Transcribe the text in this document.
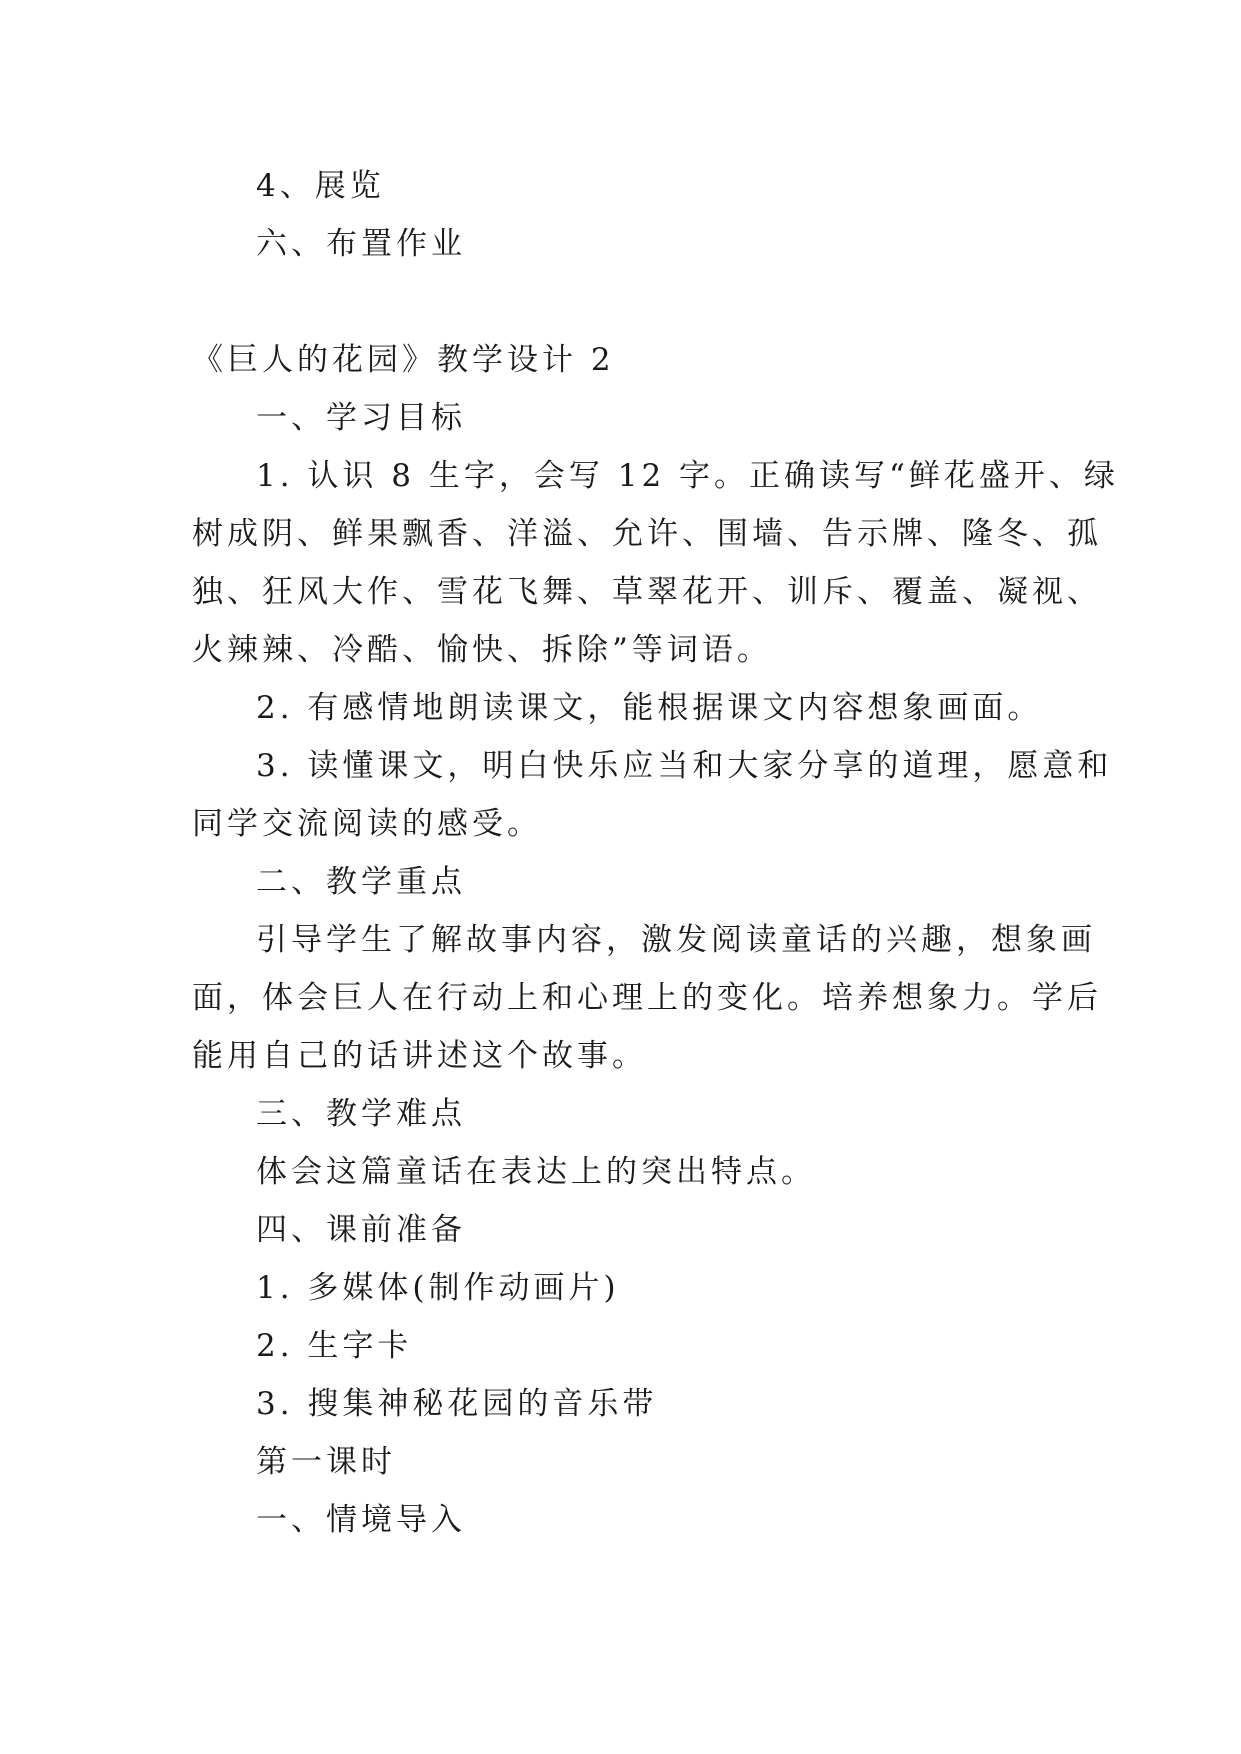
4、展览
六、布置作业
《巨人的花园》教学设计 2
一、学习目标
1. 认识 8 生字，会写 12 字。正确读写“鲜花盛开、绿
树成阴、鲜果飘香、洋溢、允许、围墙、告示牌、隆冬、孤
独、狂风大作、雪花飞舞、草翠花开、训斥、覆盖、凝视、
火辣辣、冷酷、愉快、拆除”等词语。
2. 有感情地朗读课文，能根据课文内容想象画面。
3. 读懂课文，明白快乐应当和大家分享的道理，愿意和
同学交流阅读的感受。
二、教学重点
引导学生了解故事内容，激发阅读童话的兴趣，想象画
面，体会巨人在行动上和心理上的变化。培养想象力。学后
能用自己的话讲述这个故事。
三、教学难点
体会这篇童话在表达上的突出特点。
四、课前准备
1. 多媒体(制作动画片)
2. 生字卡
3. 搜集神秘花园的音乐带
第一课时
一、情境导入
